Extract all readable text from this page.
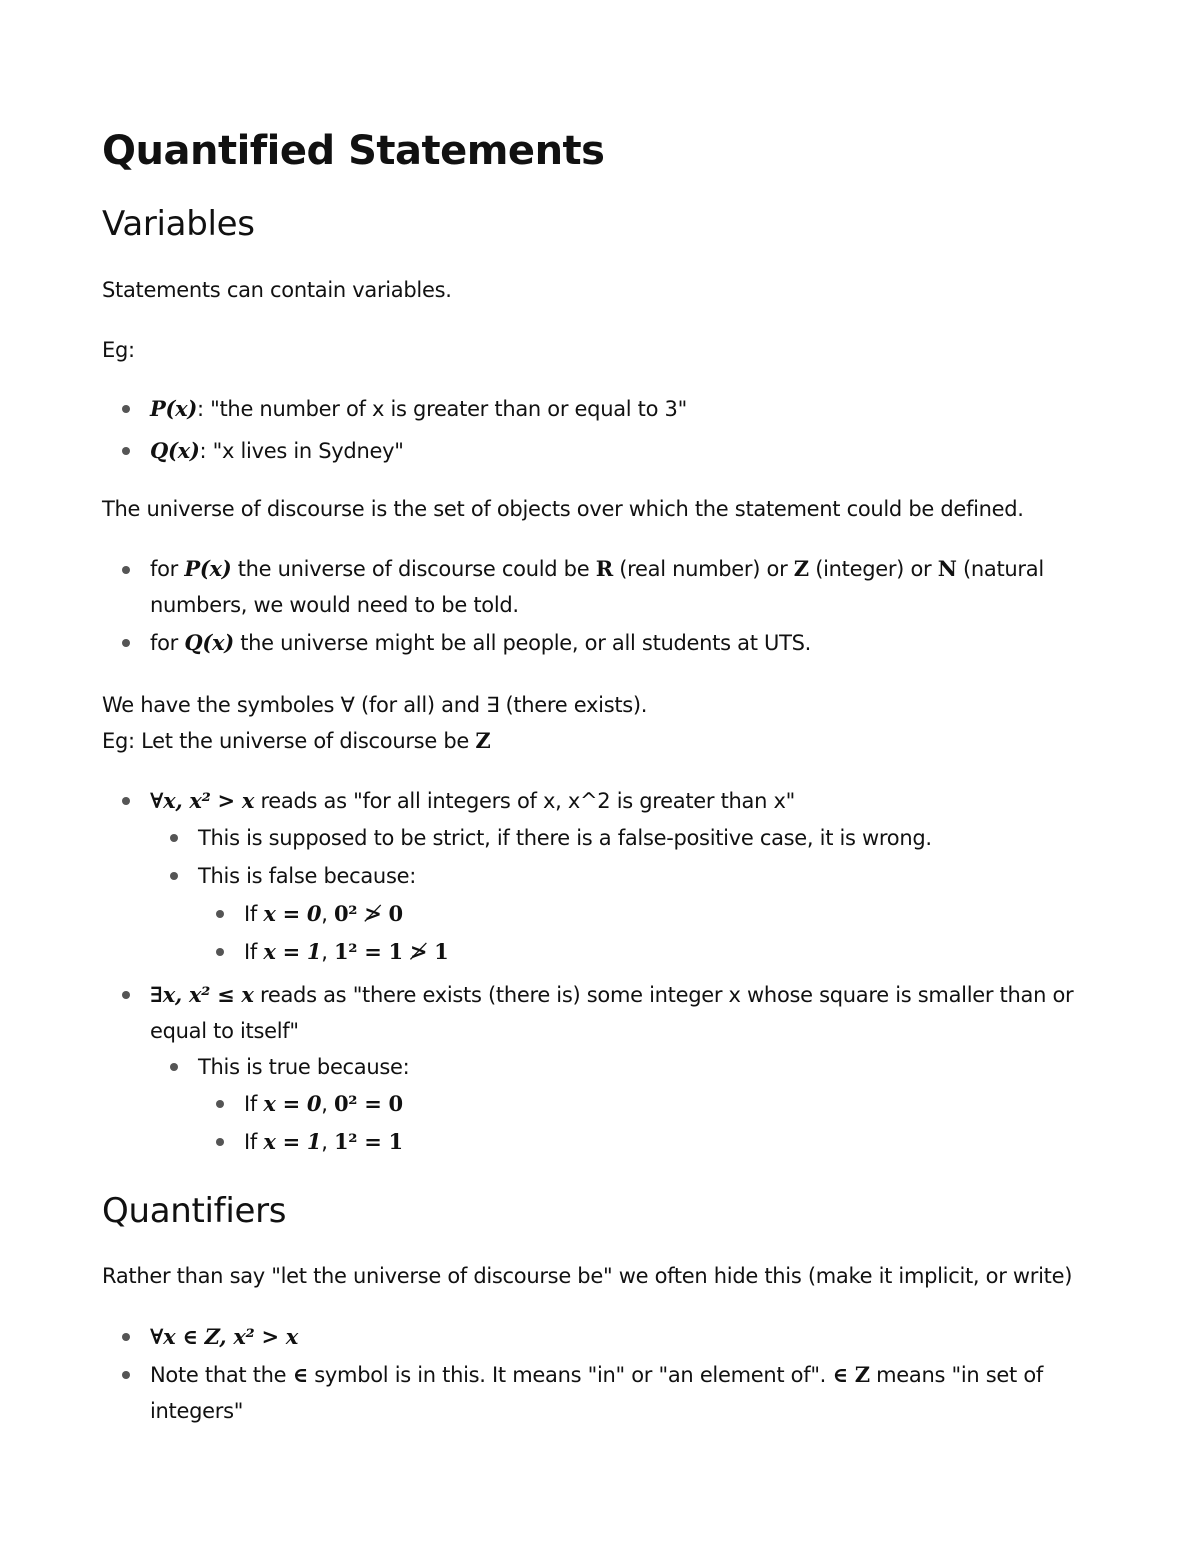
Quantified Statements
Variables

Statements can contain variables.

Eg:

P(x): "the number of x is greater than or equal to 3"

Q(x): "x lives in Sydney"

The universe of discourse is the set of objects over which the statement could be defined.

for P(x) the universe of discourse could be R (real number) or Z (integer) or N (natural

numbers, we would need to be told.

for Q(x) the universe might be all people, or all students at UTS.

We have the symboles ∀ (for all) and ∃ (there exists).

Eg: Let the universe of discourse be Z

∀x, x² > x reads as "for all integers of x, x^2 is greater than x"

This is supposed to be strict, if there is a false-positive case, it is wrong.

This is false because:

If x = 0, 0² ≯ 0

If x = 1, 1² = 1 ≯ 1

∃x, x² ≤ x reads as "there exists (there is) some integer x whose square is smaller than or

equal to itself"

This is true because:

If x = 0, 0² = 0

If x = 1, 1² = 1

Quantifiers

Rather than say "let the universe of discourse be" we often hide this (make it implicit, or write)

∀x ∈ Z, x² > x

Note that the ∈ symbol is in this. It means "in" or "an element of". ∈ Z means "in set of

integers"
